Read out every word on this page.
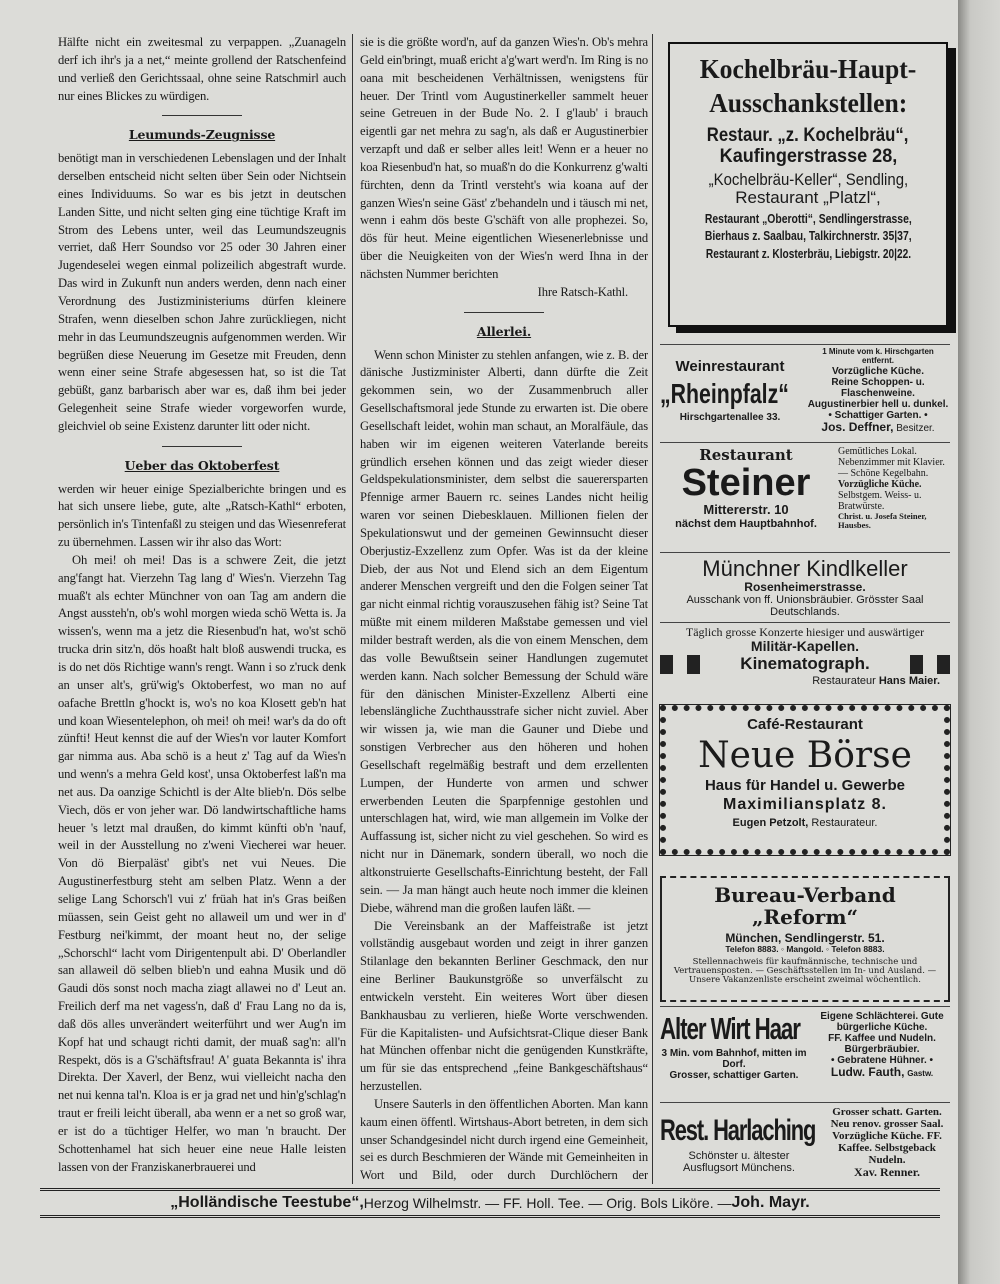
Hälfte nicht ein zweitesmal zu verpappen. „Zuanageln derf ich ihr's ja a net,“ meinte grollend der Ratschenfeind und verließ den Gerichtssaal, ohne seine Ratschmirl auch nur eines Blickes zu würdigen.

Leumunds-Zeugnisse

benötigt man in verschiedenen Lebenslagen und der Inhalt derselben entscheid nicht selten über Sein oder Nichtsein eines Individuums. So war es bis jetzt in deutschen Landen Sitte, und nicht selten ging eine tüchtige Kraft im Strom des Lebens unter, weil das Leumundszeugnis verriet, daß Herr Soundso vor 25 oder 30 Jahren einer Jugendeselei wegen einmal polizeilich abgestraft wurde. Das wird in Zukunft nun anders werden, denn nach einer Verordnung des Justizministeriums dürfen kleinere Strafen, wenn dieselben schon Jahre zurückliegen, nicht mehr in das Leumundszeugnis aufgenommen werden. Wir begrüßen diese Neuerung im Gesetze mit Freuden, denn wenn einer seine Strafe abgesessen hat, so ist die Tat gebüßt, ganz barbarisch aber war es, daß ihm bei jeder Gelegenheit seine Strafe wieder vorgeworfen wurde, gleichviel ob seine Existenz darunter litt oder nicht.

Ueber das Oktoberfest

werden wir heuer einige Spezialberichte bringen und es hat sich unsere liebe, gute, alte „Ratsch-Kathl“ erboten, persönlich in's Tintenfaßl zu steigen und das Wiesenreferat zu übernehmen. Lassen wir ihr also das Wort:

Oh mei! oh mei! Das is a schwere Zeit, die jetzt ang'fangt hat. Vierzehn Tag lang d' Wies'n. Vierzehn Tag muaß't als echter Münchner von oan Tag am andern die Angst aussteh'n, ob's wohl morgen wieda schö Wetta is. Ja wissen's, wenn ma a jetz die Riesenbud'n hat, wo'st schö trucka drin sitz'n, dös hoaßt halt bloß auswendi trucka, es is do net dös Richtige wann's rengt. Wann i so z'ruck denk an unser alt's, grü'wig's Oktoberfest, wo man no auf oafache Brettln g'hockt is, wo's no koa Klosett geb'n hat und koan Wiesentelephon, oh mei! oh mei! war's da do oft zünfti! Heut kennst die auf der Wies'n vor lauter Komfort gar nimma aus. Aba schö is a heut z' Tag auf da Wies'n und wenn's a mehra Geld kost', unsa Oktoberfest laß'n ma net aus. Da oanzige Schichtl is der Alte blieb'n. Dös selbe Viech, dös er von jeher war. Dö landwirtschaftliche hams heuer 's letzt mal draußen, do kimmt künfti ob'n 'nauf, weil in der Ausstellung no z'weni Viecherei war heuer. Von dö Bierpaläst' gibt's net vui Neues. Die Augustinerfestburg steht am selben Platz. Wenn a der selige Lang Schorsch'l vui z' früah hat in's Gras beißen müassen, sein Geist geht no allaweil um und wer in d' Festburg nei'kimmt, der moant heut no, der selige „Schorschl“ lacht vom Dirigentenpult abi. D' Oberlandler san allaweil dö selben blieb'n und eahna Musik und dö Gaudi dös sonst noch macha ziagt allawei no d' Leut an. Freilich derf ma net vagess'n, daß d' Frau Lang no da is, daß dös alles unverändert weiterführt und wer Aug'n im Kopf hat und schaugt richti damit, der muaß sag'n: all'n Respekt, dös is a G'schäftsfrau! A' guata Bekannta is' ihra Direkta. Der Xaverl, der Benz, wui vielleicht nacha den net nui kenna tal'n. Kloa is er ja grad net und hin'g'schlag'n traut er freili leicht überall, aba wenn er a net so groß war, er ist do a tüchtiger Helfer, wo man 'n braucht. Der Schottenhamel hat sich heuer eine neue Halle leisten lassen von der Franziskanerbrauerei und

sie is die größte word'n, auf da ganzen Wies'n. Ob's mehra Geld ein'bringt, muaß ericht a'g'wart werd'n. Im Ring is no oana mit bescheidenen Verhältnissen, wenigstens für heuer. Der Trintl vom Augustinerkeller sammelt heuer seine Getreuen in der Bude No. 2. I g'laub' i brauch eigentli gar net mehra zu sag'n, als daß er Augustinerbier verzapft und daß er selber alles leit! Wenn er a heuer no koa Riesenbud'n hat, so muaß'n do die Konkurrenz g'walti fürchten, denn da Trintl versteht's wia koana auf der ganzen Wies'n seine Gäst' z'behandeln und i täusch mi net, wenn i eahm dös beste G'schäft von alle prophezei. So, dös für heut. Meine eigentlichen Wiesenerlebnisse und über die Neuigkeiten von der Wies'n werd Ihna in der nächsten Nummer berichten

Ihre Ratsch-Kathl.

Allerlei.

Wenn schon Minister zu stehlen anfangen, wie z. B. der dänische Justizminister Alberti, dann dürfte die Zeit gekommen sein, wo der Zusammenbruch aller Gesellschaftsmoral jede Stunde zu erwarten ist. Die obere Gesellschaft leidet, wohin man schaut, an Moralfäule, das haben wir im eigenen weiteren Vaterlande bereits gründlich ersehen können und das zeigt wieder dieser Geldspekulationsminister, dem selbst die sauerersparten Pfennige armer Bauern rc. seines Landes nicht heilig waren vor seinen Diebesklauen. Millionen fielen der Spekulationswut und der gemeinen Gewinnsucht dieser Oberjustiz-Exzellenz zum Opfer. Was ist da der kleine Dieb, der aus Not und Elend sich an dem Eigentum anderer Menschen vergreift und den die Folgen seiner Tat gar nicht einmal richtig vorauszusehen fähig ist? Seine Tat müßte mit einem milderen Maßstabe gemessen und viel milder bestraft werden, als die von einem Menschen, dem das volle Bewußtsein seiner Handlungen zugemutet werden kann. Nach solcher Bemessung der Schuld wäre für den dänischen Minister-Exzellenz Alberti eine lebenslängliche Zuchthausstrafe sicher nicht zuviel. Aber wir wissen ja, wie man die Gauner und Diebe und sonstigen Verbrecher aus den höheren und hohen Gesellschaft regelmäßig bestraft und dem erzellenten Lumpen, der Hunderte von armen und schwer erwerbenden Leuten die Sparpfennige gestohlen und unterschlagen hat, wird, wie man allgemein im Volke der Auffassung ist, sicher nicht zu viel geschehen. So wird es nicht nur in Dänemark, sondern überall, wo noch die altkonstruierte Gesellschafts-Einrichtung besteht, der Fall sein. — Ja man hängt auch heute noch immer die kleinen Diebe, während man die großen laufen läßt. —

Die Vereinsbank an der Maffeistraße ist jetzt vollständig ausgebaut worden und zeigt in ihrer ganzen Stilanlage den bekannten Berliner Geschmack, den nur eine Berliner Baukunstgröße so unverfälscht zu entwickeln versteht. Ein weiteres Wort über diesen Bankhausbau zu verlieren, hieße Worte verschwenden. Für die Kapitalisten- und Aufsichtsrat-Clique dieser Bank hat München offenbar nicht die genügenden Kunstkräfte, um für sie das entsprechend „feine Bankgeschäftshaus“ herzustellen.

Unsere Sauterls in den öffentlichen Aborten. Man kann kaum einen öffentl. Wirtshaus-Abort betreten, in dem sich unser Schandgesindel nicht durch irgend eine Gemeinheit, sei es durch Beschmieren der Wände mit Gemeinheiten in Wort und Bild, oder durch Durchlöchern der

Kochelbräu-Haupt-
Ausschankstellen:
Restaur. „z. Kochelbräu“,
Kaufingerstrasse 28,
„Kochelbräu-Keller“, Sendling,
Restaurant „Platzl“,
Restaurant „Oberotti“, Sendlingerstrasse,
Bierhaus z. Saalbau, Talkirchnerstr. 35|37,
Restaurant z. Klosterbräu, Liebigstr. 20|22.
Weinrestaurant
„Rheinpfalz“
Hirschgartenallee 33.
1 Minute vom k. Hirschgarten entfernt.
Vorzügliche Küche.
Reine Schoppen- u. Flaschenweine. Augustinerbier hell u. dunkel.
• Schattiger Garten. •
Jos. Deffner, Besitzer.
Restaurant
Steiner
Mittererstr. 10
nächst dem Hauptbahnhof.
Gemütliches Lokal. Nebenzimmer mit Klavier. — Schöne Kegelbahn.
Vorzügliche Küche.
Selbstgem. Weiss- u. Bratwürste.
Christ. u. Josefa Steiner, Hausbes.
Münchner Kindlkeller
Rosenheimerstrasse.
Ausschank von ff. Unionsbräubier. Grösster Saal Deutschlands.
Täglich grosse Konzerte hiesiger und auswärtiger
Militär-Kapellen.
Kinematograph.
Restaurateur Hans Maier.
Café-Restaurant
Neue Börse
Haus für Handel u. Gewerbe
Maximiliansplatz 8.
Eugen Petzolt, Restaurateur.
Bureau-Verband „Reform“
München, Sendlingerstr. 51.
Telefon 8883. ◦ Mangold. ◦ Telefon 8883.
Stellennachweis für kaufmännische, technische und Vertrauensposten. — Geschäftsstellen im In- und Ausland. — Unsere Vakanzenliste erscheint zweimal wöchentlich.
Alter Wirt Haar
3 Min. vom Bahnhof, mitten im Dorf.
Grosser, schattiger Garten.
Eigene Schlächterei. Gute bürgerliche Küche.
FF. Kaffee und Nudeln.
Bürgerbräubier.
• Gebratene Hühner. •
Ludw. Fauth, Gastw.
Rest. Harlaching
Schönster u. ältester Ausflugsort Münchens.
Grosser schatt. Garten. Neu renov. grosser Saal. Vorzügliche Küche. FF. Kaffee. Selbstgeback Nudeln.
Xav. Renner.
„Holländische Teestube“, Herzog Wilhelmstr. — FF. Holl. Tee. — Orig. Bols Liköre. — Joh. Mayr.
